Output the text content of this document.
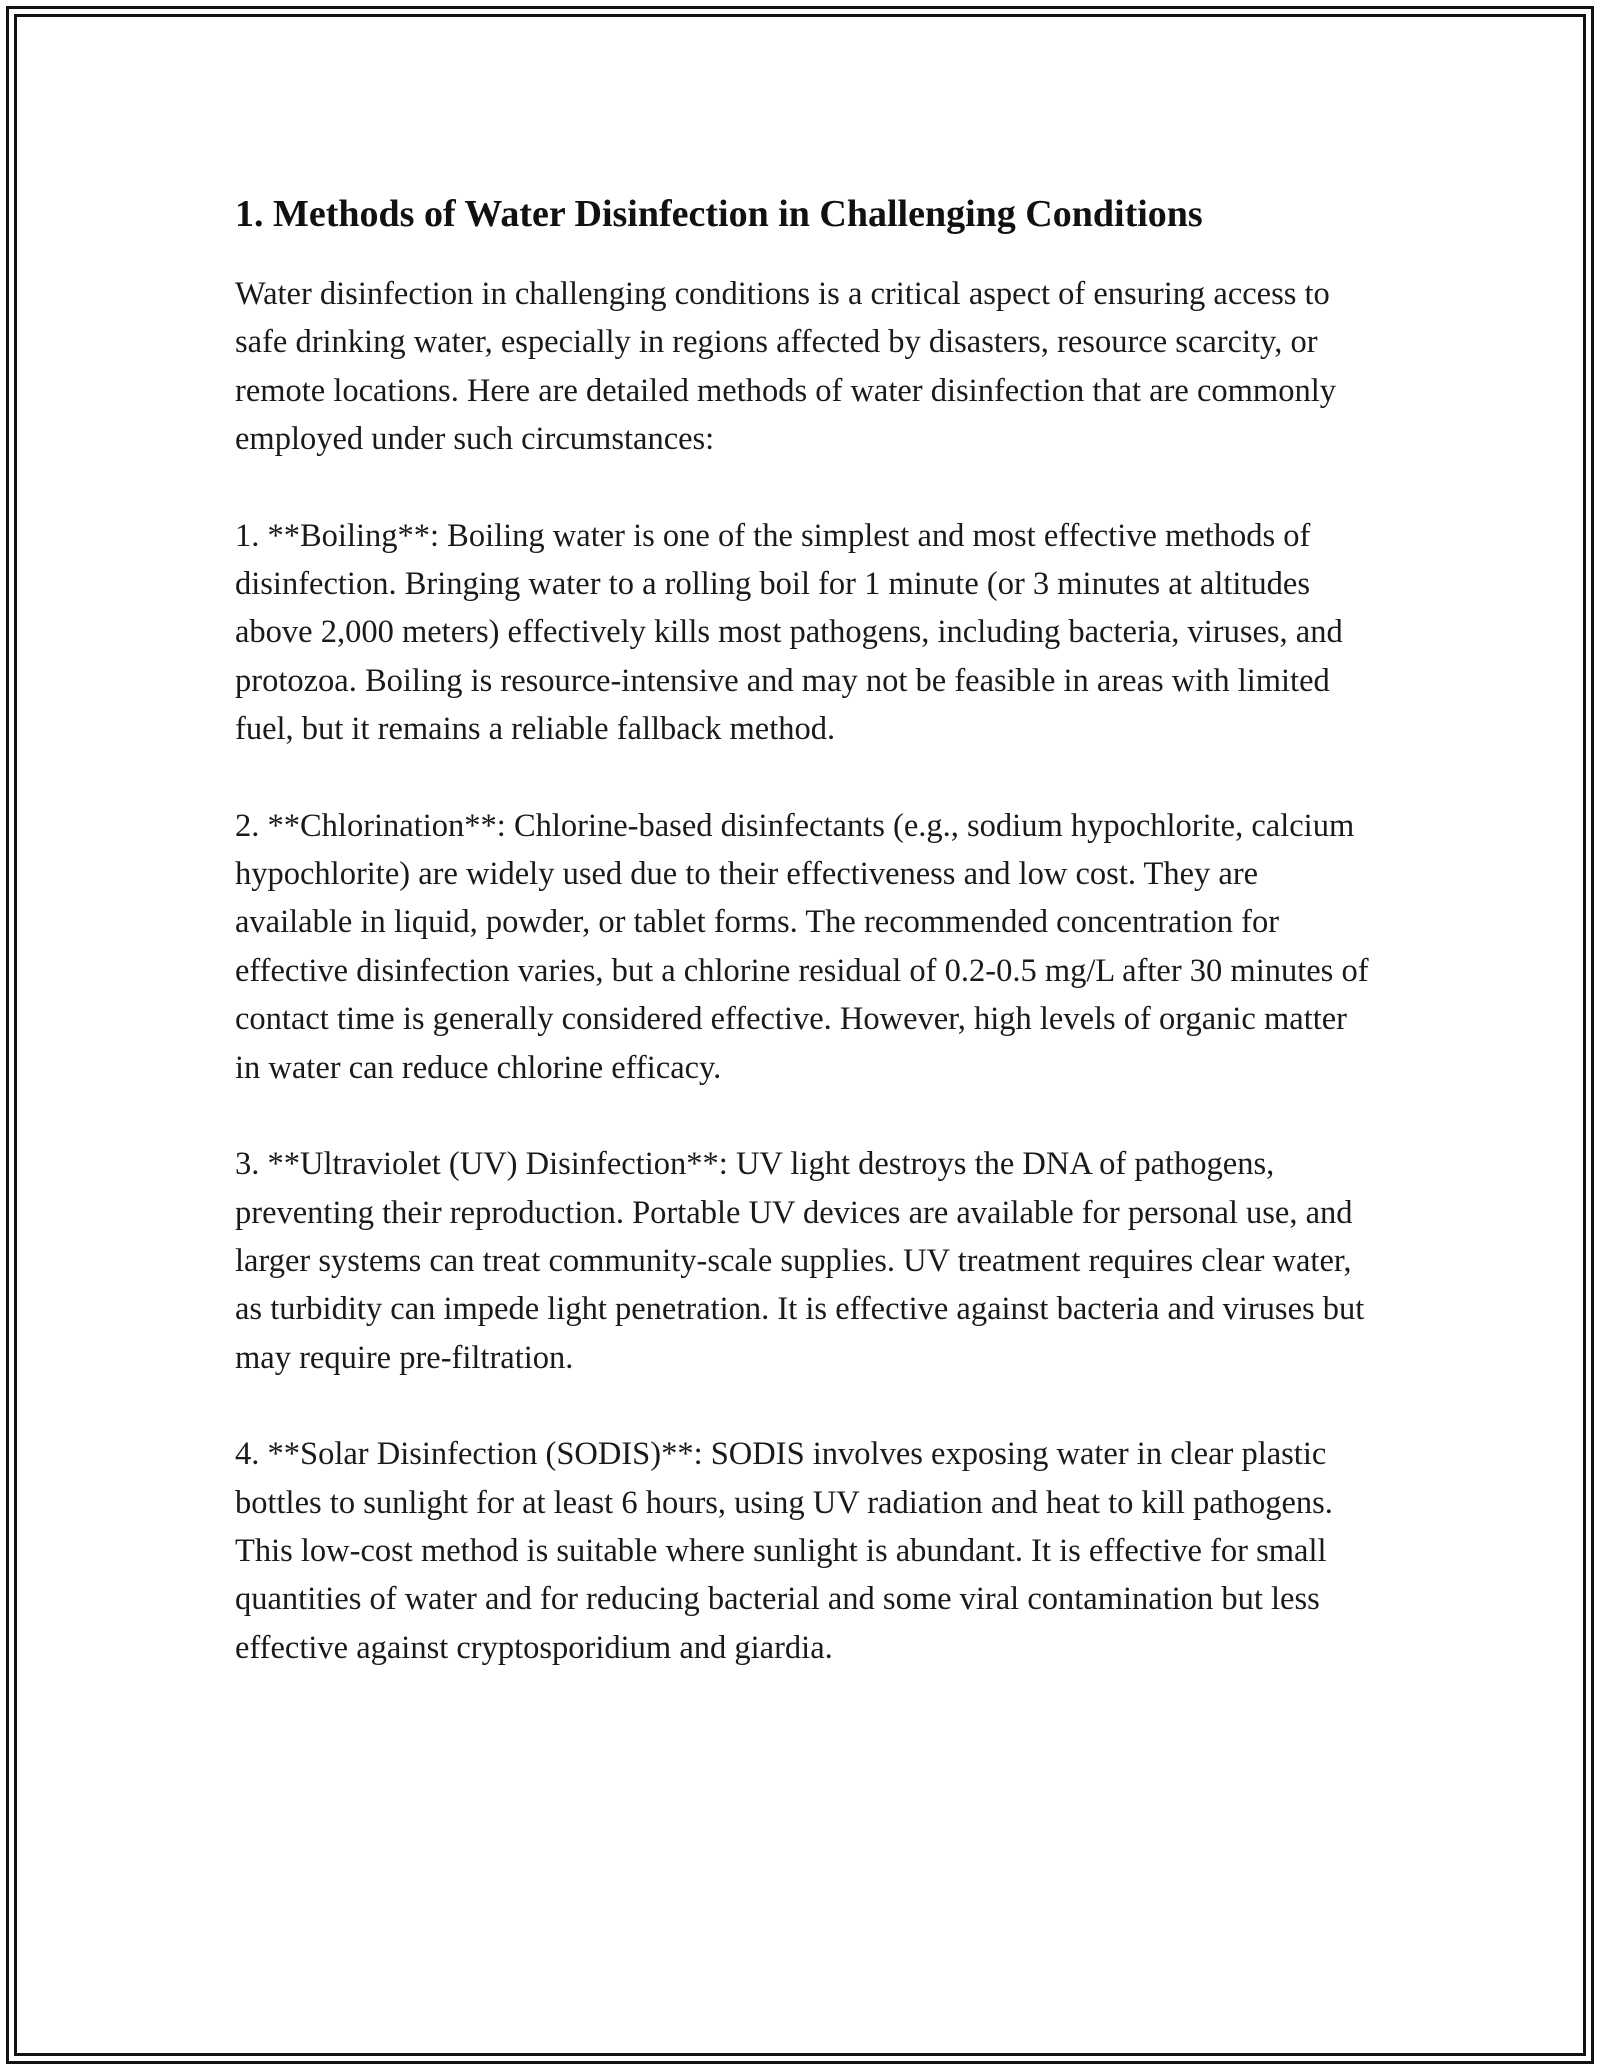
1. Methods of Water Disinfection in Challenging Conditions

Water disinfection in challenging conditions is a critical aspect of ensuring access to safe drinking water, especially in regions affected by disasters, resource scarcity, or remote locations. Here are detailed methods of water disinfection that are commonly employed under such circumstances:

1. **Boiling**: Boiling water is one of the simplest and most effective methods of disinfection. Bringing water to a rolling boil for 1 minute (or 3 minutes at altitudes above 2,000 meters) effectively kills most pathogens, including bacteria, viruses, and protozoa. Boiling is resource-intensive and may not be feasible in areas with limited fuel, but it remains a reliable fallback method.

2. **Chlorination**: Chlorine-based disinfectants (e.g., sodium hypochlorite, calcium hypochlorite) are widely used due to their effectiveness and low cost. They are available in liquid, powder, or tablet forms. The recommended concentration for effective disinfection varies, but a chlorine residual of 0.2-0.5 mg/L after 30 minutes of contact time is generally considered effective. However, high levels of organic matter in water can reduce chlorine efficacy.

3. **Ultraviolet (UV) Disinfection**: UV light destroys the DNA of pathogens, preventing their reproduction. Portable UV devices are available for personal use, and larger systems can treat community-scale supplies. UV treatment requires clear water, as turbidity can impede light penetration. It is effective against bacteria and viruses but may require pre-filtration.

4. **Solar Disinfection (SODIS)**: SODIS involves exposing water in clear plastic bottles to sunlight for at least 6 hours, using UV radiation and heat to kill pathogens. This low-cost method is suitable where sunlight is abundant. It is effective for small quantities of water and for reducing bacterial and some viral contamination but less effective against cryptosporidium and giardia.
